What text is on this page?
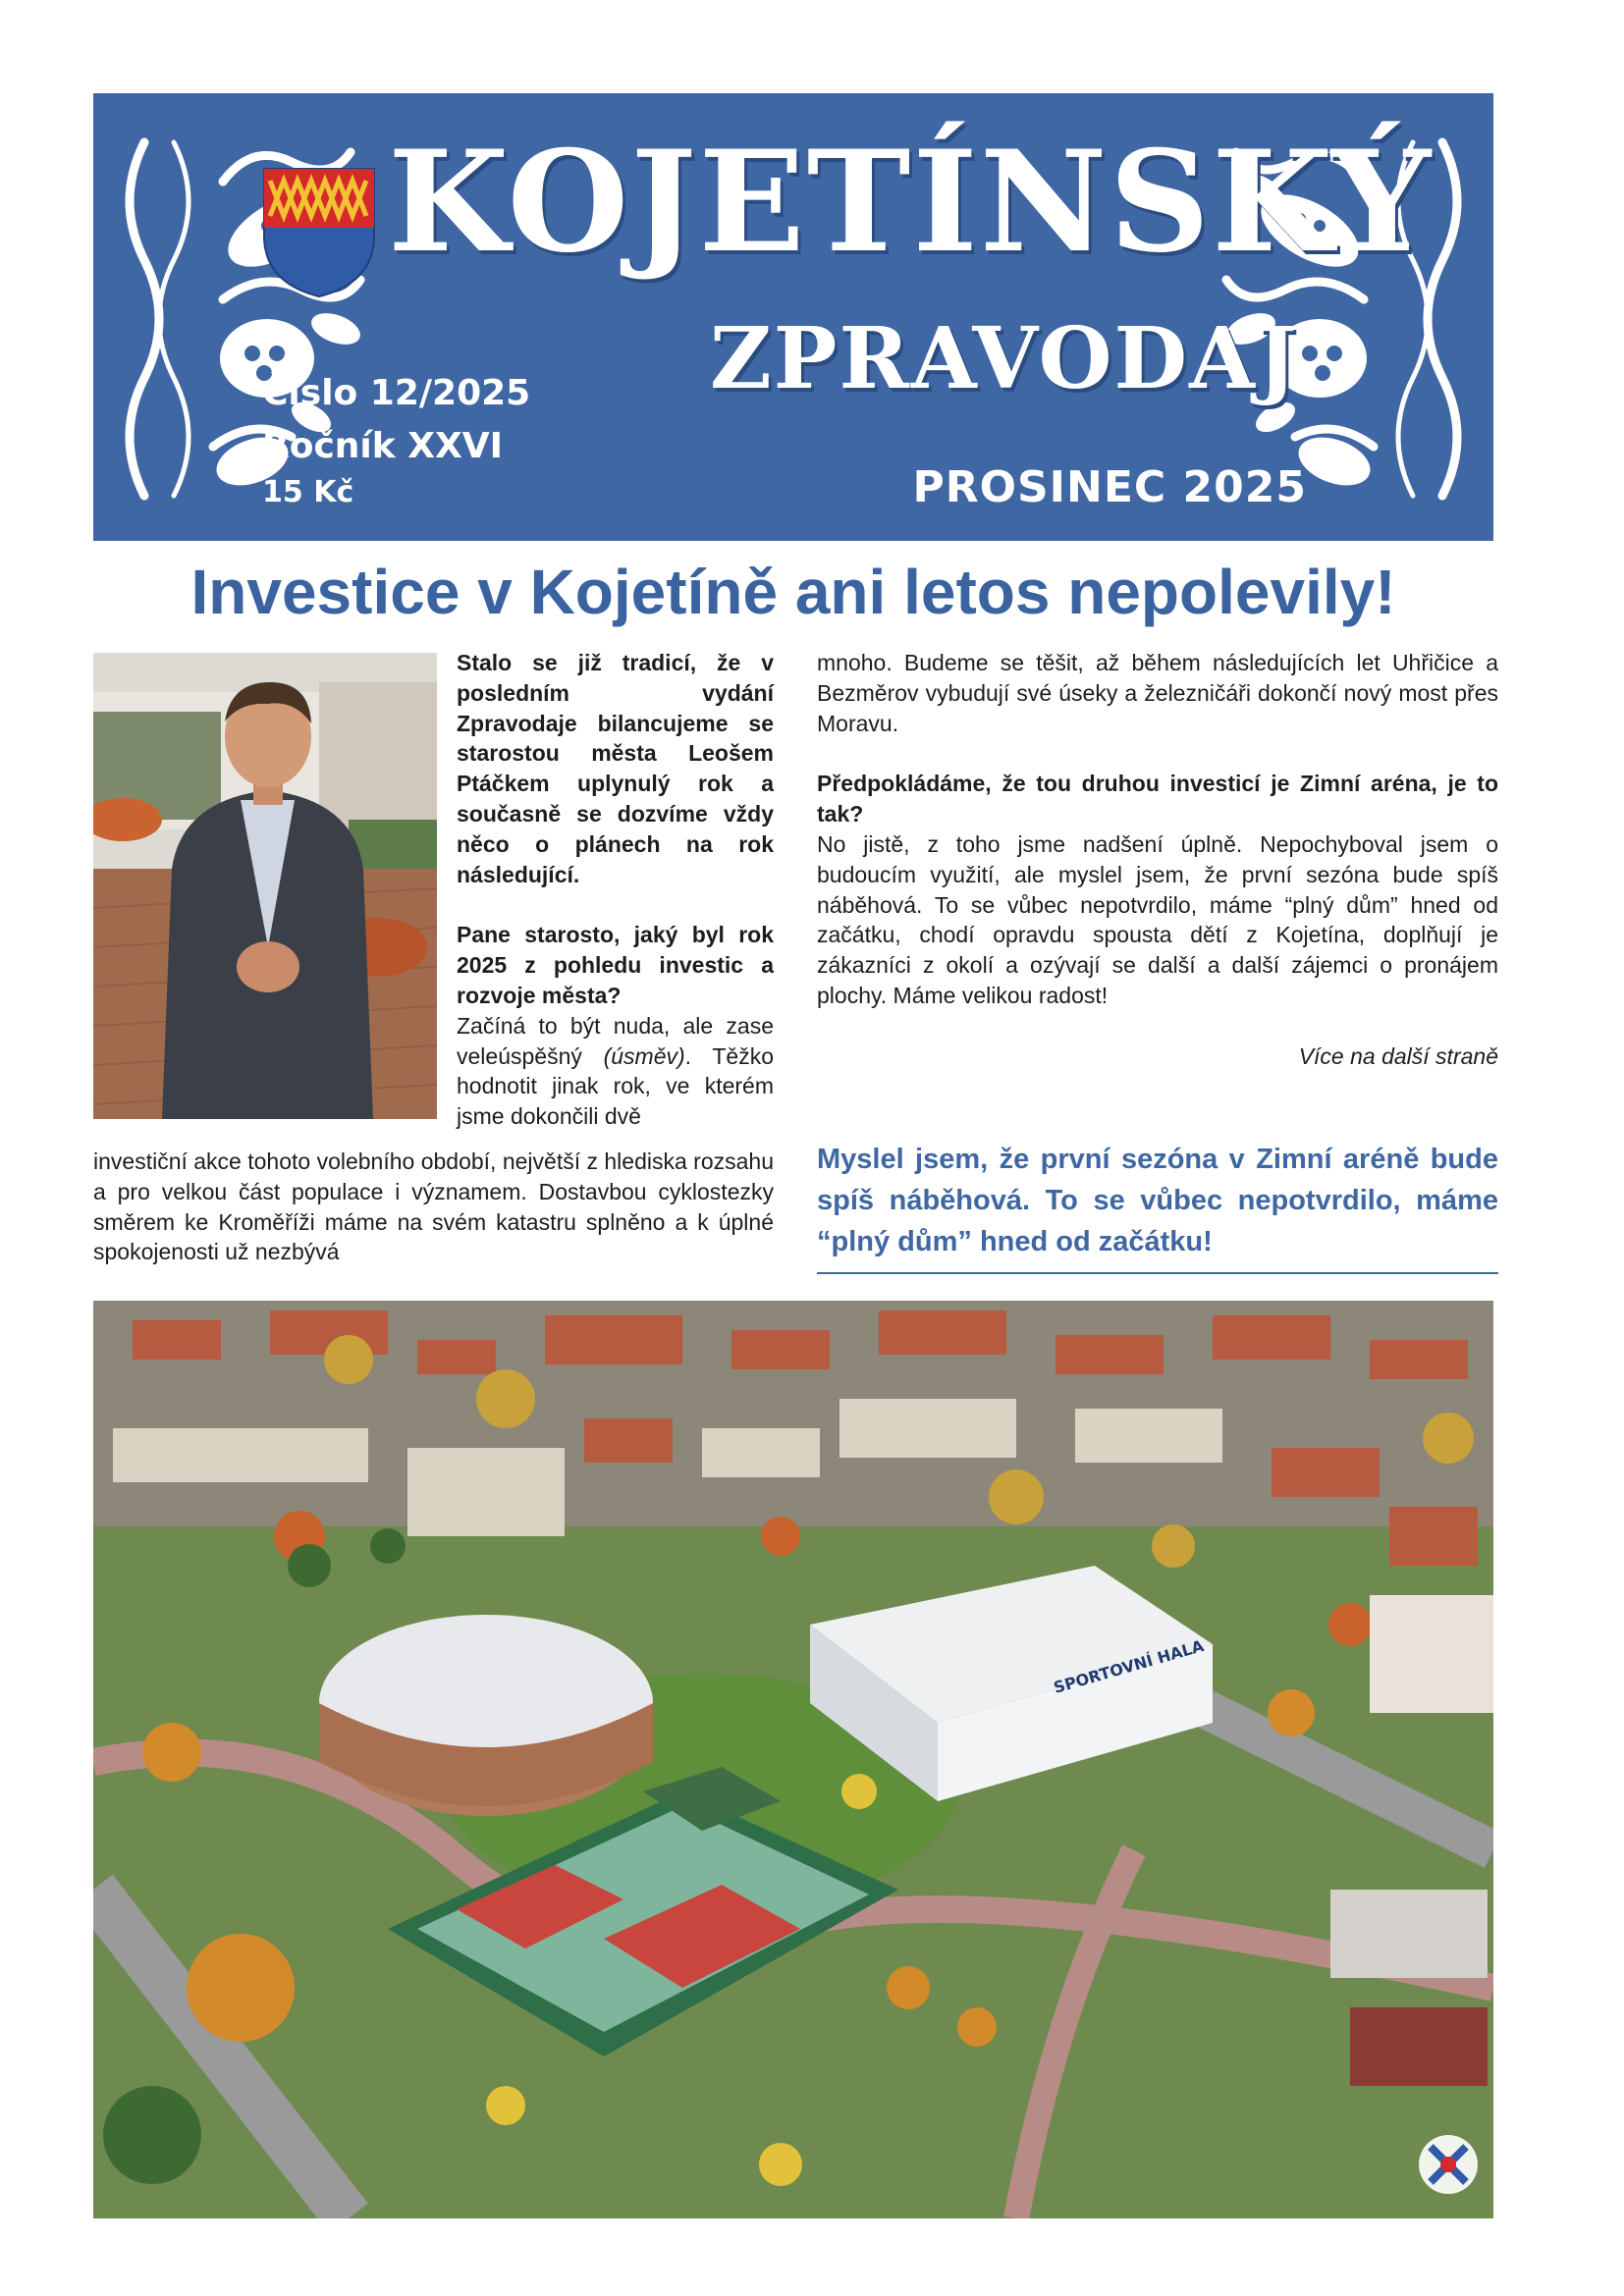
KOJETÍNSKÝ
ZPRAVODAJ
Číslo 12/2025
Ročník XXVI
15 Kč	PROSINEC 2025
Investice v Kojetíně ani letos nepolevily!

Stalo se již tradicí, že v posledním vydání Zpravodaje bilancujeme se starostou města Leošem Ptáčkem uplynulý rok a současně se dozvíme vždy něco o plánech na rok následující.

Pane starosto, jaký byl rok 2025 z pohledu investic a rozvoje města?

Začíná to být nuda, ale zase veleúspěšný (úsměv). Těžko hodnotit jinak rok, ve kterém jsme dokončili dvě

investiční akce tohoto volebního období, největší z hlediska rozsahu a pro velkou část populace i významem. Dostavbou cyklostezky směrem ke Kroměříži máme na svém katastru splněno a k úplné spokojenosti už nezbývá

mnoho. Budeme se těšit, až během následujících let Uhřičice a Bezměrov vybudují své úseky a železničáři dokončí nový most přes Moravu.

Předpokládáme, že tou druhou investicí je Zimní aréna, je to tak?

No jistě, z toho jsme nadšení úplně. Nepochyboval jsem o budoucím využití, ale myslel jsem, že první sezóna bude spíš náběhová. To se vůbec nepotvrdilo, máme “plný dům” hned od začátku, chodí opravdu spousta dětí z Kojetína, doplňují je zákazníci z okolí a ozývají se další a další zájemci o pronájem plochy. Máme velikou radost!

Více na další straně

Myslel jsem, že první sezóna v Zimní aréně bude spíš náběhová. To se vůbec nepotvrdilo, máme “plný dům” hned od začátku!
SPORTOVNÍ HALA
